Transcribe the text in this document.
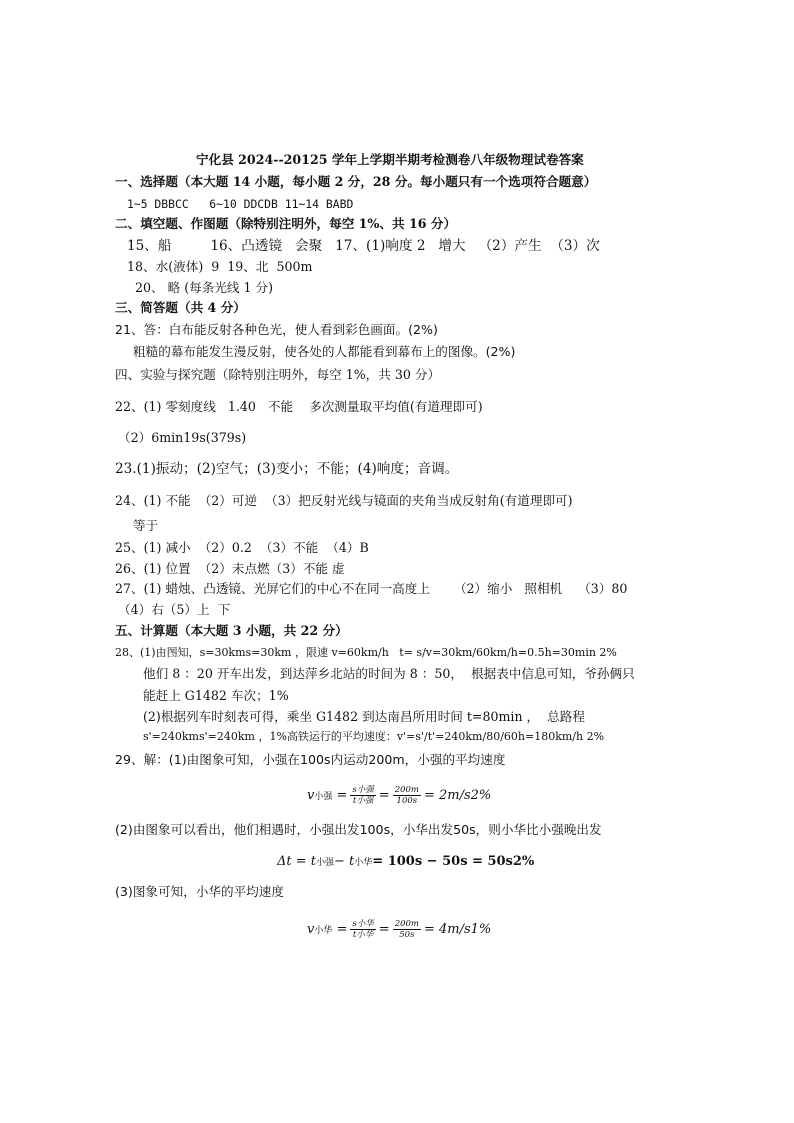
宁化县 2024--20125 学年上学期半期考检测卷八年级物理试卷答案
一、选择题（本大题 14 小题，每小题 2 分，28 分。每小题只有一个选项符合题意）
1~5 DBBCC   6~10 DDCDB 11~14 BABD
二、填空题、作图题（除特别注明外，每空 1%、共 16 分）
15、船         16、凸透镜   会聚   17、(1)响度 2   增大   （2）产生  （3）次
18、水(液体)  9  19、北  500m
20、 略 (每条光线 1 分)
三、简答题（共 4 分）
21、答：白布能反射各种色光，使人看到彩色画面。(2%)
粗糙的幕布能发生漫反射，使各处的人都能看到幕布上的图像。(2%)
四、实验与探究题（除特别注明外，每空 1%，共 30 分）
22、(1) 零刻度线   1.40   不能    多次测量取平均值(有道理即可)
（2）6min19s(379s)
23.(1)振动；(2)空气；(3)变小；不能；(4)响度；音调。
24、(1) 不能  （2）可逆  （3）把反射光线与镜面的夹角当成反射角(有道理即可)
等于
25、(1) 减小  （2）0.2  （3）不能  （4）B
26、(1) 位置  （2）未点燃（3）不能 虚
27、(1) 蜡烛、凸透镜、光屏它们的中心不在同一高度上      （2）缩小   照相机    （3）80
（4）右（5）上  下
五、计算题（本大题 3 小题，共 22 分）
28、(1)由图知，s=30kms=30km ，限速 v=60km/h   t= s/v=30km/60km/h=0.5h=30min 2%
他们 8 ：20 开车出发，到达萍乡北站的时间为 8 ：50，  根据表中信息可知，爷孙俩只
能赶上 G1482 车次；1%
(2)根据列车时刻表可得，乘坐 G1482 到达南昌所用时间 t=80min ，  总路程
s'=240kms'=240km ，1%高铁运行的平均速度：v'=s'/t'=240km/80/60h=180km/h 2%
29、解：(1)由图象可知，小强在100s内运动200m，小强的平均速度
v 小强 = $\frac{\text{s小强}}{\text{t小强}} = \frac{200m}{100s} = 2m/s2\%$
(2)由图象可以看出，他们相遇时，小强出发100s，小华出发50s，则小华比小强晚出发
Δt = t 小强 − t 小华 = 100s − 50s = 50s2%
(3)图象可知，小华的平均速度
v 小华 = $\frac{\text{s小华}}{\text{t小华}} = \frac{200m}{50s} = 4m/s1\%$
